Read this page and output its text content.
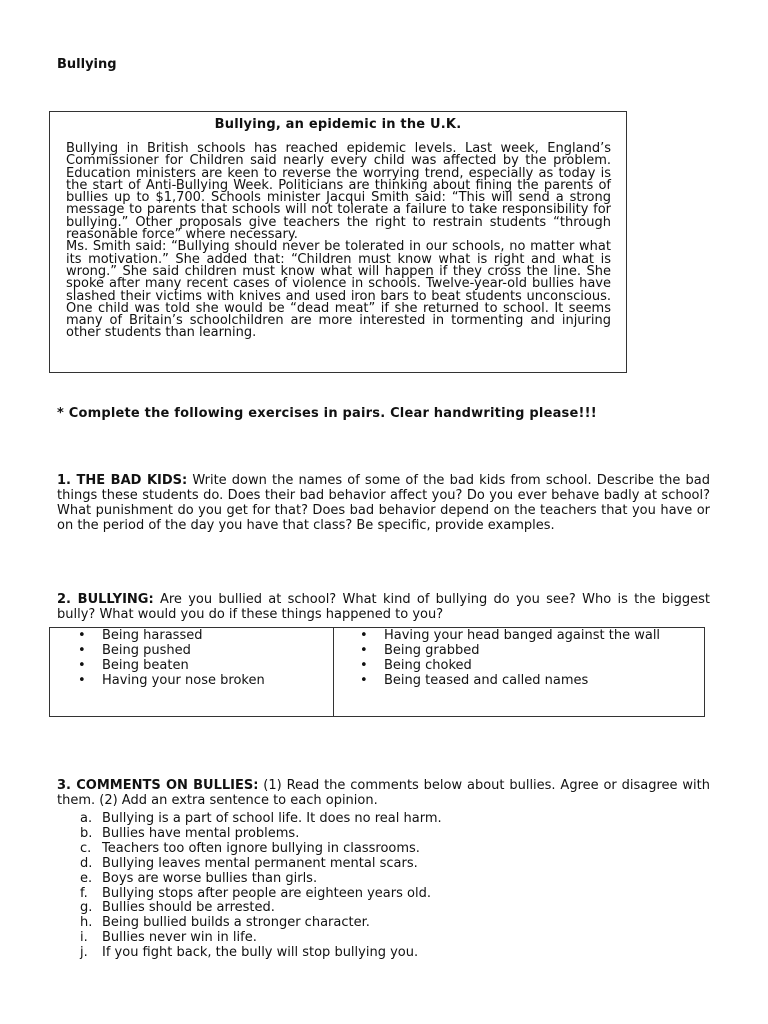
Bullying
Bullying, an epidemic in the U.K.

Bullying in British schools has reached epidemic levels. Last week, England’s Commissioner for Children said nearly every child was affected by the problem. Education ministers are keen to reverse the worrying trend, especially as today is the start of Anti-Bullying Week. Politicians are thinking about fining the parents of bullies up to $1,700. Schools minister Jacqui Smith said: “This will send a strong message to parents that schools will not tolerate a failure to take responsibility for bullying.” Other proposals give teachers the right to restrain students “through reasonable force” where necessary.

Ms. Smith said: “Bullying should never be tolerated in our schools, no matter what its motivation.” She added that: “Children must know what is right and what is wrong.” She said children must know what will happen if they cross the line. She spoke after many recent cases of violence in schools. Twelve-year-old bullies have slashed their victims with knives and used iron bars to beat students unconscious. One child was told she would be “dead meat” if she returned to school. It seems many of Britain’s schoolchildren are more interested in tormenting and injuring other students than learning.

* Complete the following exercises in pairs. Clear handwriting please!!!
1. THE BAD KIDS: Write down the names of some of the bad kids from school. Describe the bad things these students do. Does their bad behavior affect you? Do you ever behave badly at school? What punishment do you get for that? Does bad behavior depend on the teachers that you have or on the period of the day you have that class? Be specific, provide examples.
2. BULLYING: Are you bullied at school? What kind of bullying do you see? Who is the biggest bully? What would you do if these things happened to you?
• Being harassed
• Being pushed
• Being beaten
• Having your nose broken
• Having your head banged against the wall
• Being grabbed
• Being choked
• Being teased and called names
3. COMMENTS ON BULLIES: (1) Read the comments below about bullies. Agree or disagree with them. (2) Add an extra sentence to each opinion.
a. Bullying is a part of school life. It does no real harm.
b. Bullies have mental problems.
c. Teachers too often ignore bullying in classrooms.
d. Bullying leaves mental permanent mental scars.
e. Boys are worse bullies than girls.
f. Bullying stops after people are eighteen years old.
g. Bullies should be arrested.
h. Being bullied builds a stronger character.
i. Bullies never win in life.
j. If you fight back, the bully will stop bullying you.
